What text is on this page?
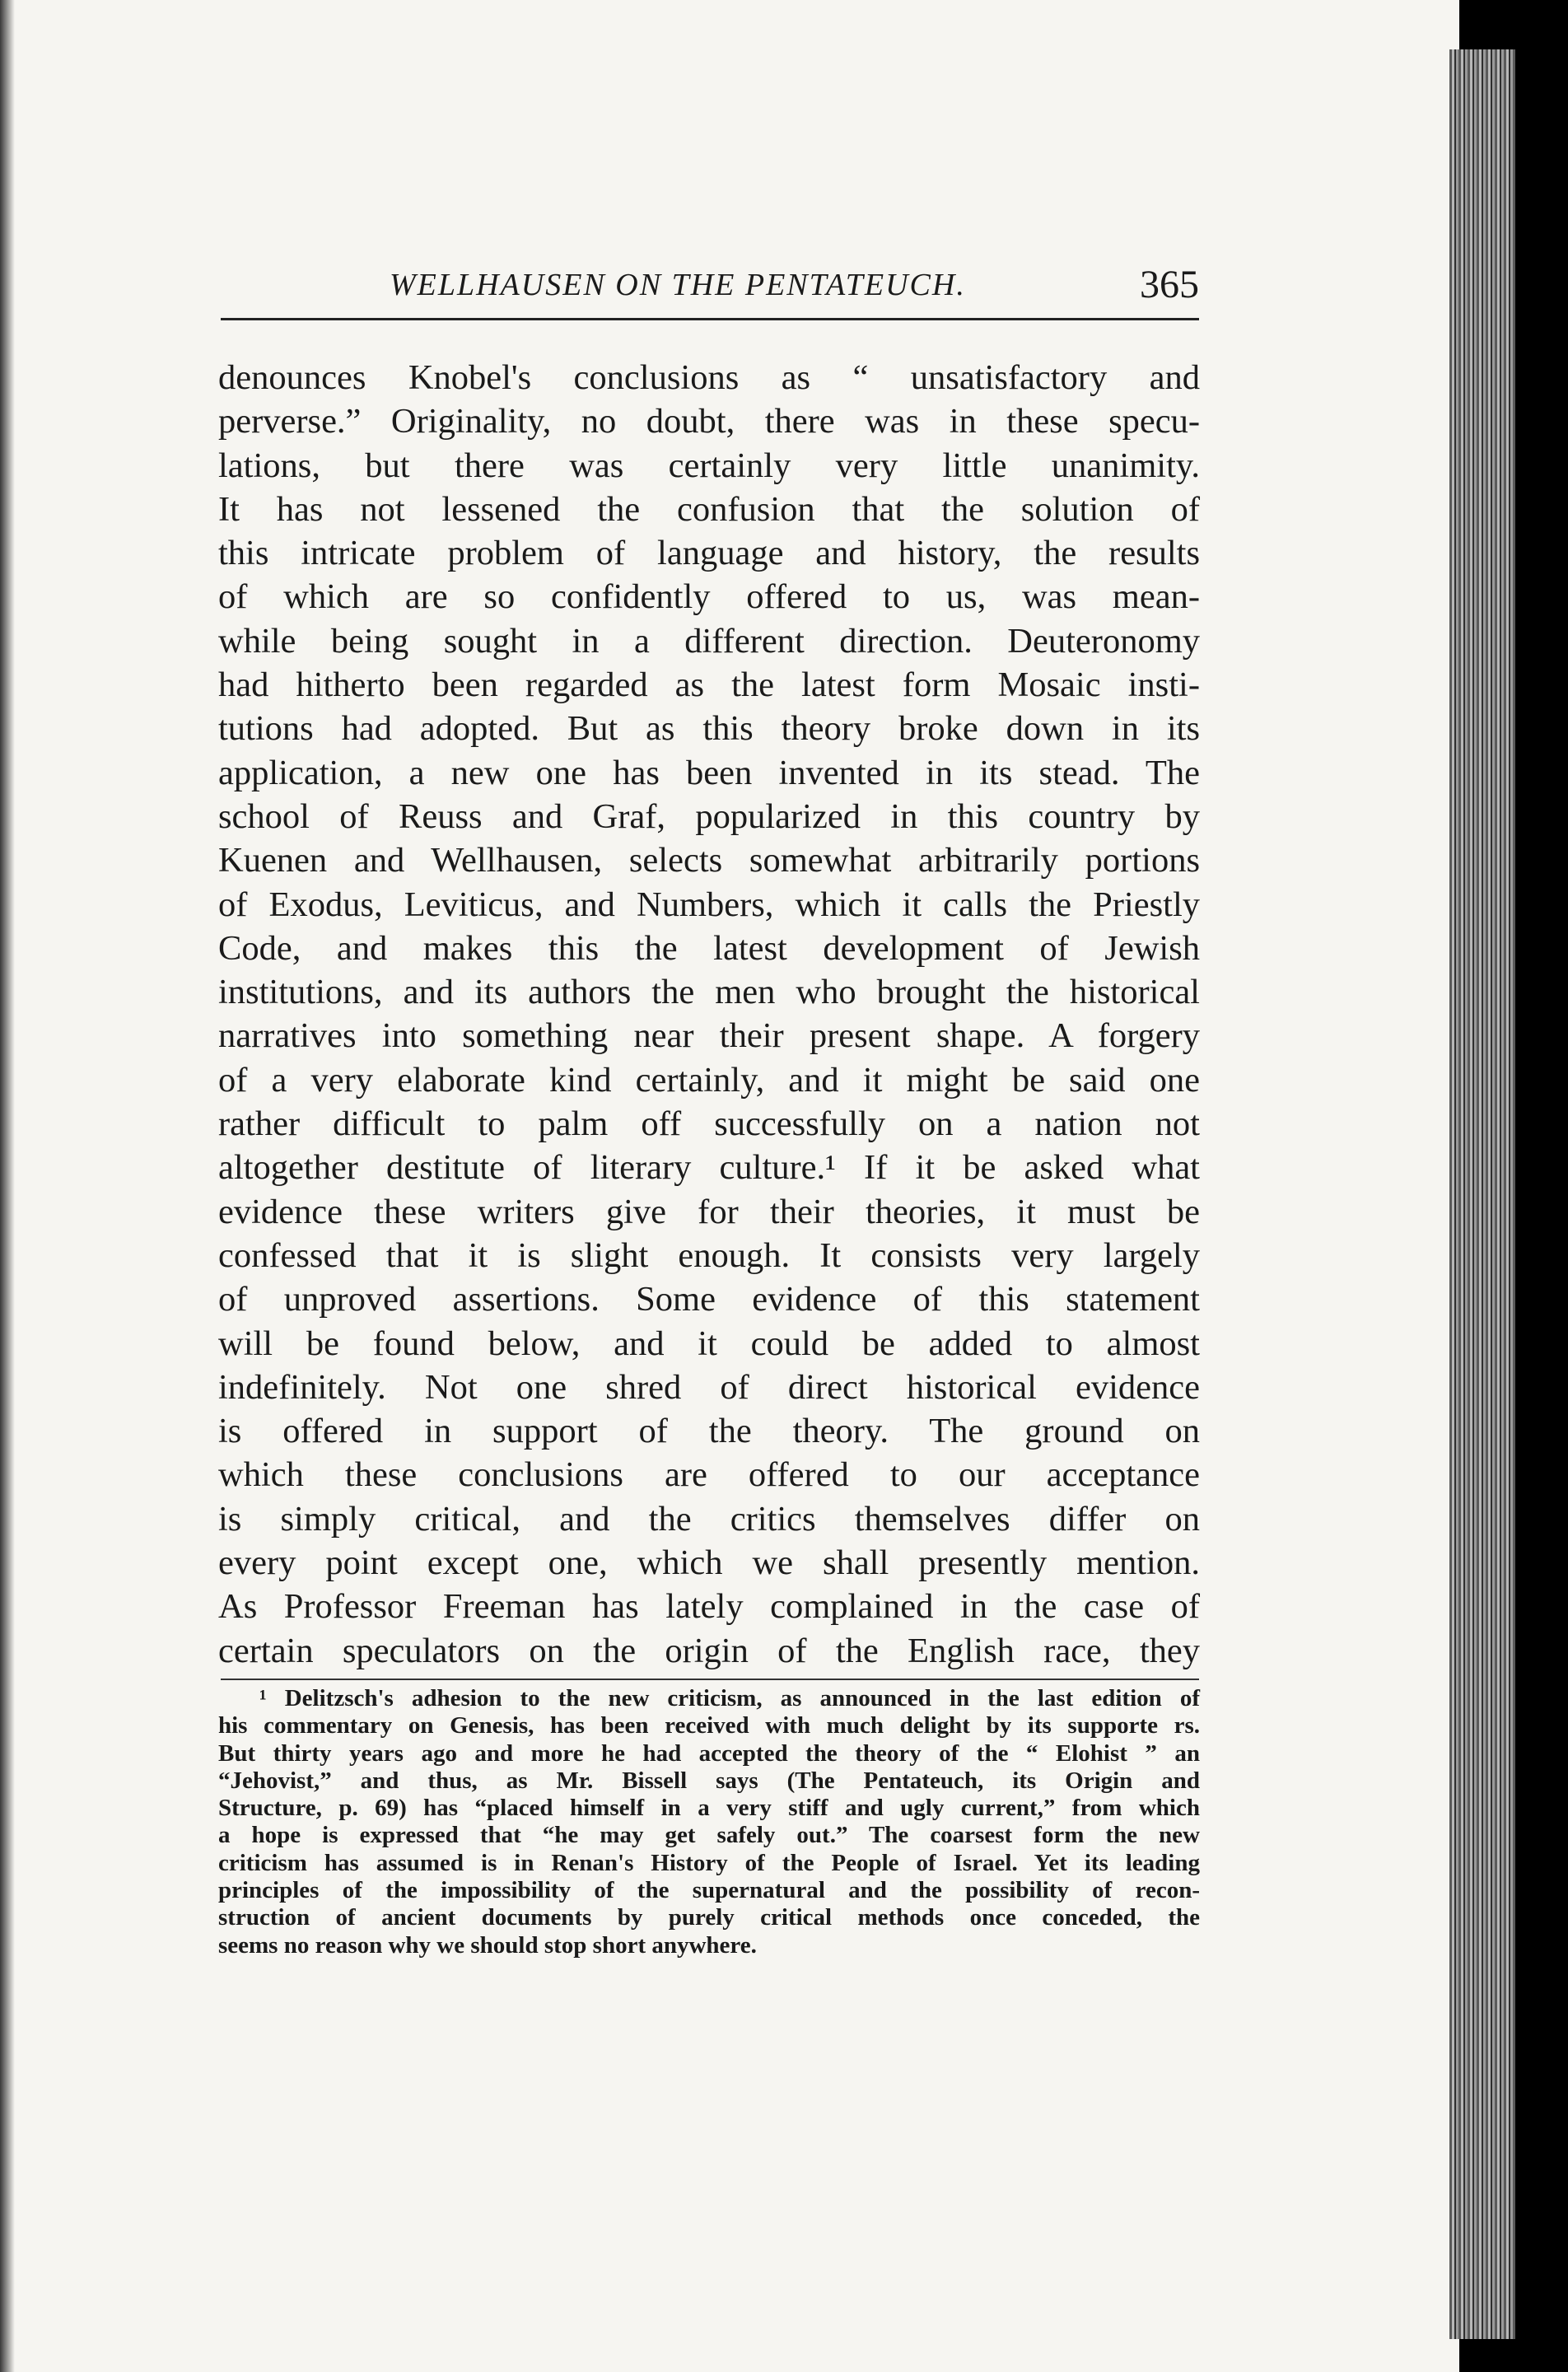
WELLHAUSEN ON THE PENTATEUCH.	365
denounces Knobel's conclusions as “ unsatisfactory and
perverse.” Originality, no doubt, there was in these specu-
lations, but there was certainly very little unanimity.
It has not lessened the confusion that the solution of
this intricate problem of language and history, the results
of which are so confidently offered to us, was mean-
while being sought in a different direction. Deuteronomy
had hitherto been regarded as the latest form Mosaic insti-
tutions had adopted. But as this theory broke down in its
application, a new one has been invented in its stead. The
school of Reuss and Graf, popularized in this country by
Kuenen and Wellhausen, selects somewhat arbitrarily portions
of Exodus, Leviticus, and Numbers, which it calls the Priestly
Code, and makes this the latest development of Jewish
institutions, and its authors the men who brought the historical
narratives into something near their present shape. A forgery
of a very elaborate kind certainly, and it might be said one
rather difficult to palm off successfully on a nation not
altogether destitute of literary culture.¹ If it be asked what
evidence these writers give for their theories, it must be
confessed that it is slight enough. It consists very largely
of unproved assertions. Some evidence of this statement
will be found below, and it could be added to almost
indefinitely. Not one shred of direct historical evidence
is offered in support of the theory. The ground on
which these conclusions are offered to our acceptance
is simply critical, and the critics themselves differ on
every point except one, which we shall presently mention.
As Professor Freeman has lately complained in the case of
certain speculators on the origin of the English race, they
¹ Delitzsch's adhesion to the new criticism, as announced in the last edition of
his commentary on Genesis, has been received with much delight by its supporte rs.
But thirty years ago and more he had accepted the theory of the “ Elohist ” an
“Jehovist,” and thus, as Mr. Bissell says (The Pentateuch, its Origin and
Structure, p. 69) has “placed himself in a very stiff and ugly current,” from which
a hope is expressed that “he may get safely out.” The coarsest form the new
criticism has assumed is in Renan's History of the People of Israel. Yet its leading
principles of the impossibility of the supernatural and the possibility of recon-
struction of ancient documents by purely critical methods once conceded, the
seems no reason why we should stop short anywhere.
